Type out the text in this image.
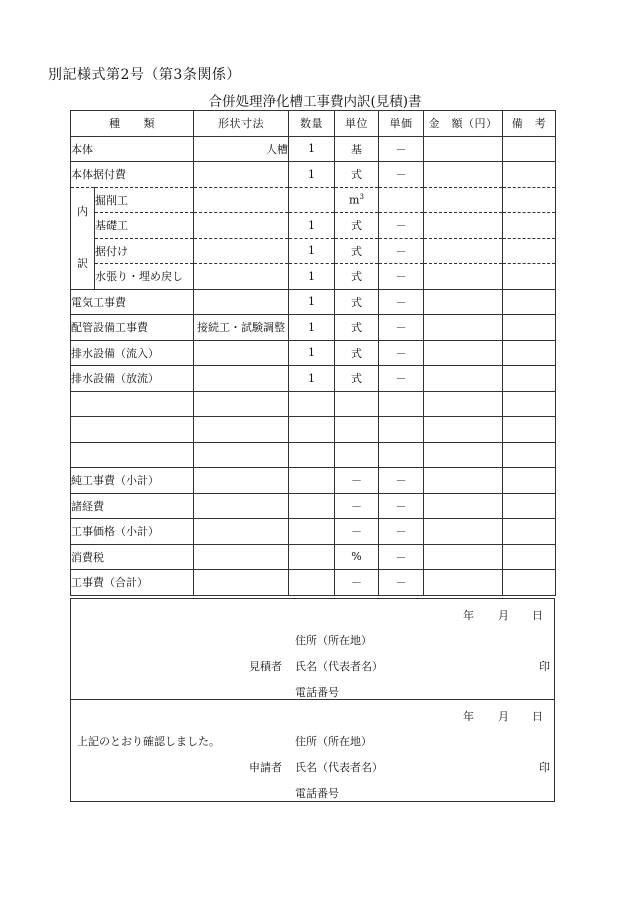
別記様式第2号（第3条関係）
合併処理浄化槽工事費内訳(見積)書
種　　類		形状寸法	数量	単位	単価	金　額（円）	備　考
本体		人槽	1	基	－		
本体据付費			1	式	－		
内

訳	掘削工			$m^3$			
	基礎工		1	式	－		
	据付け		1	式	－		
	水張り・埋め戻し		1	式	－		
電気工事費			1	式	－		
配管設備工事費		接続工・試験調整	1	式	－		
排水設備（流入）			1	式	－		
排水設備（放流）			1	式	－		

純工事費（小計）				－	－		
諸経費				－	－		
工事価格（小計）				－	－		
消費税				%	－		
工事費（合計）				－	－		
年 月 日
住所（所在地）
見積者 氏名（代表者名）	印
電話番号
年 月 日
上記のとおり確認しました。	住所（所在地）
申請者 氏名（代表者名）	印
電話番号
